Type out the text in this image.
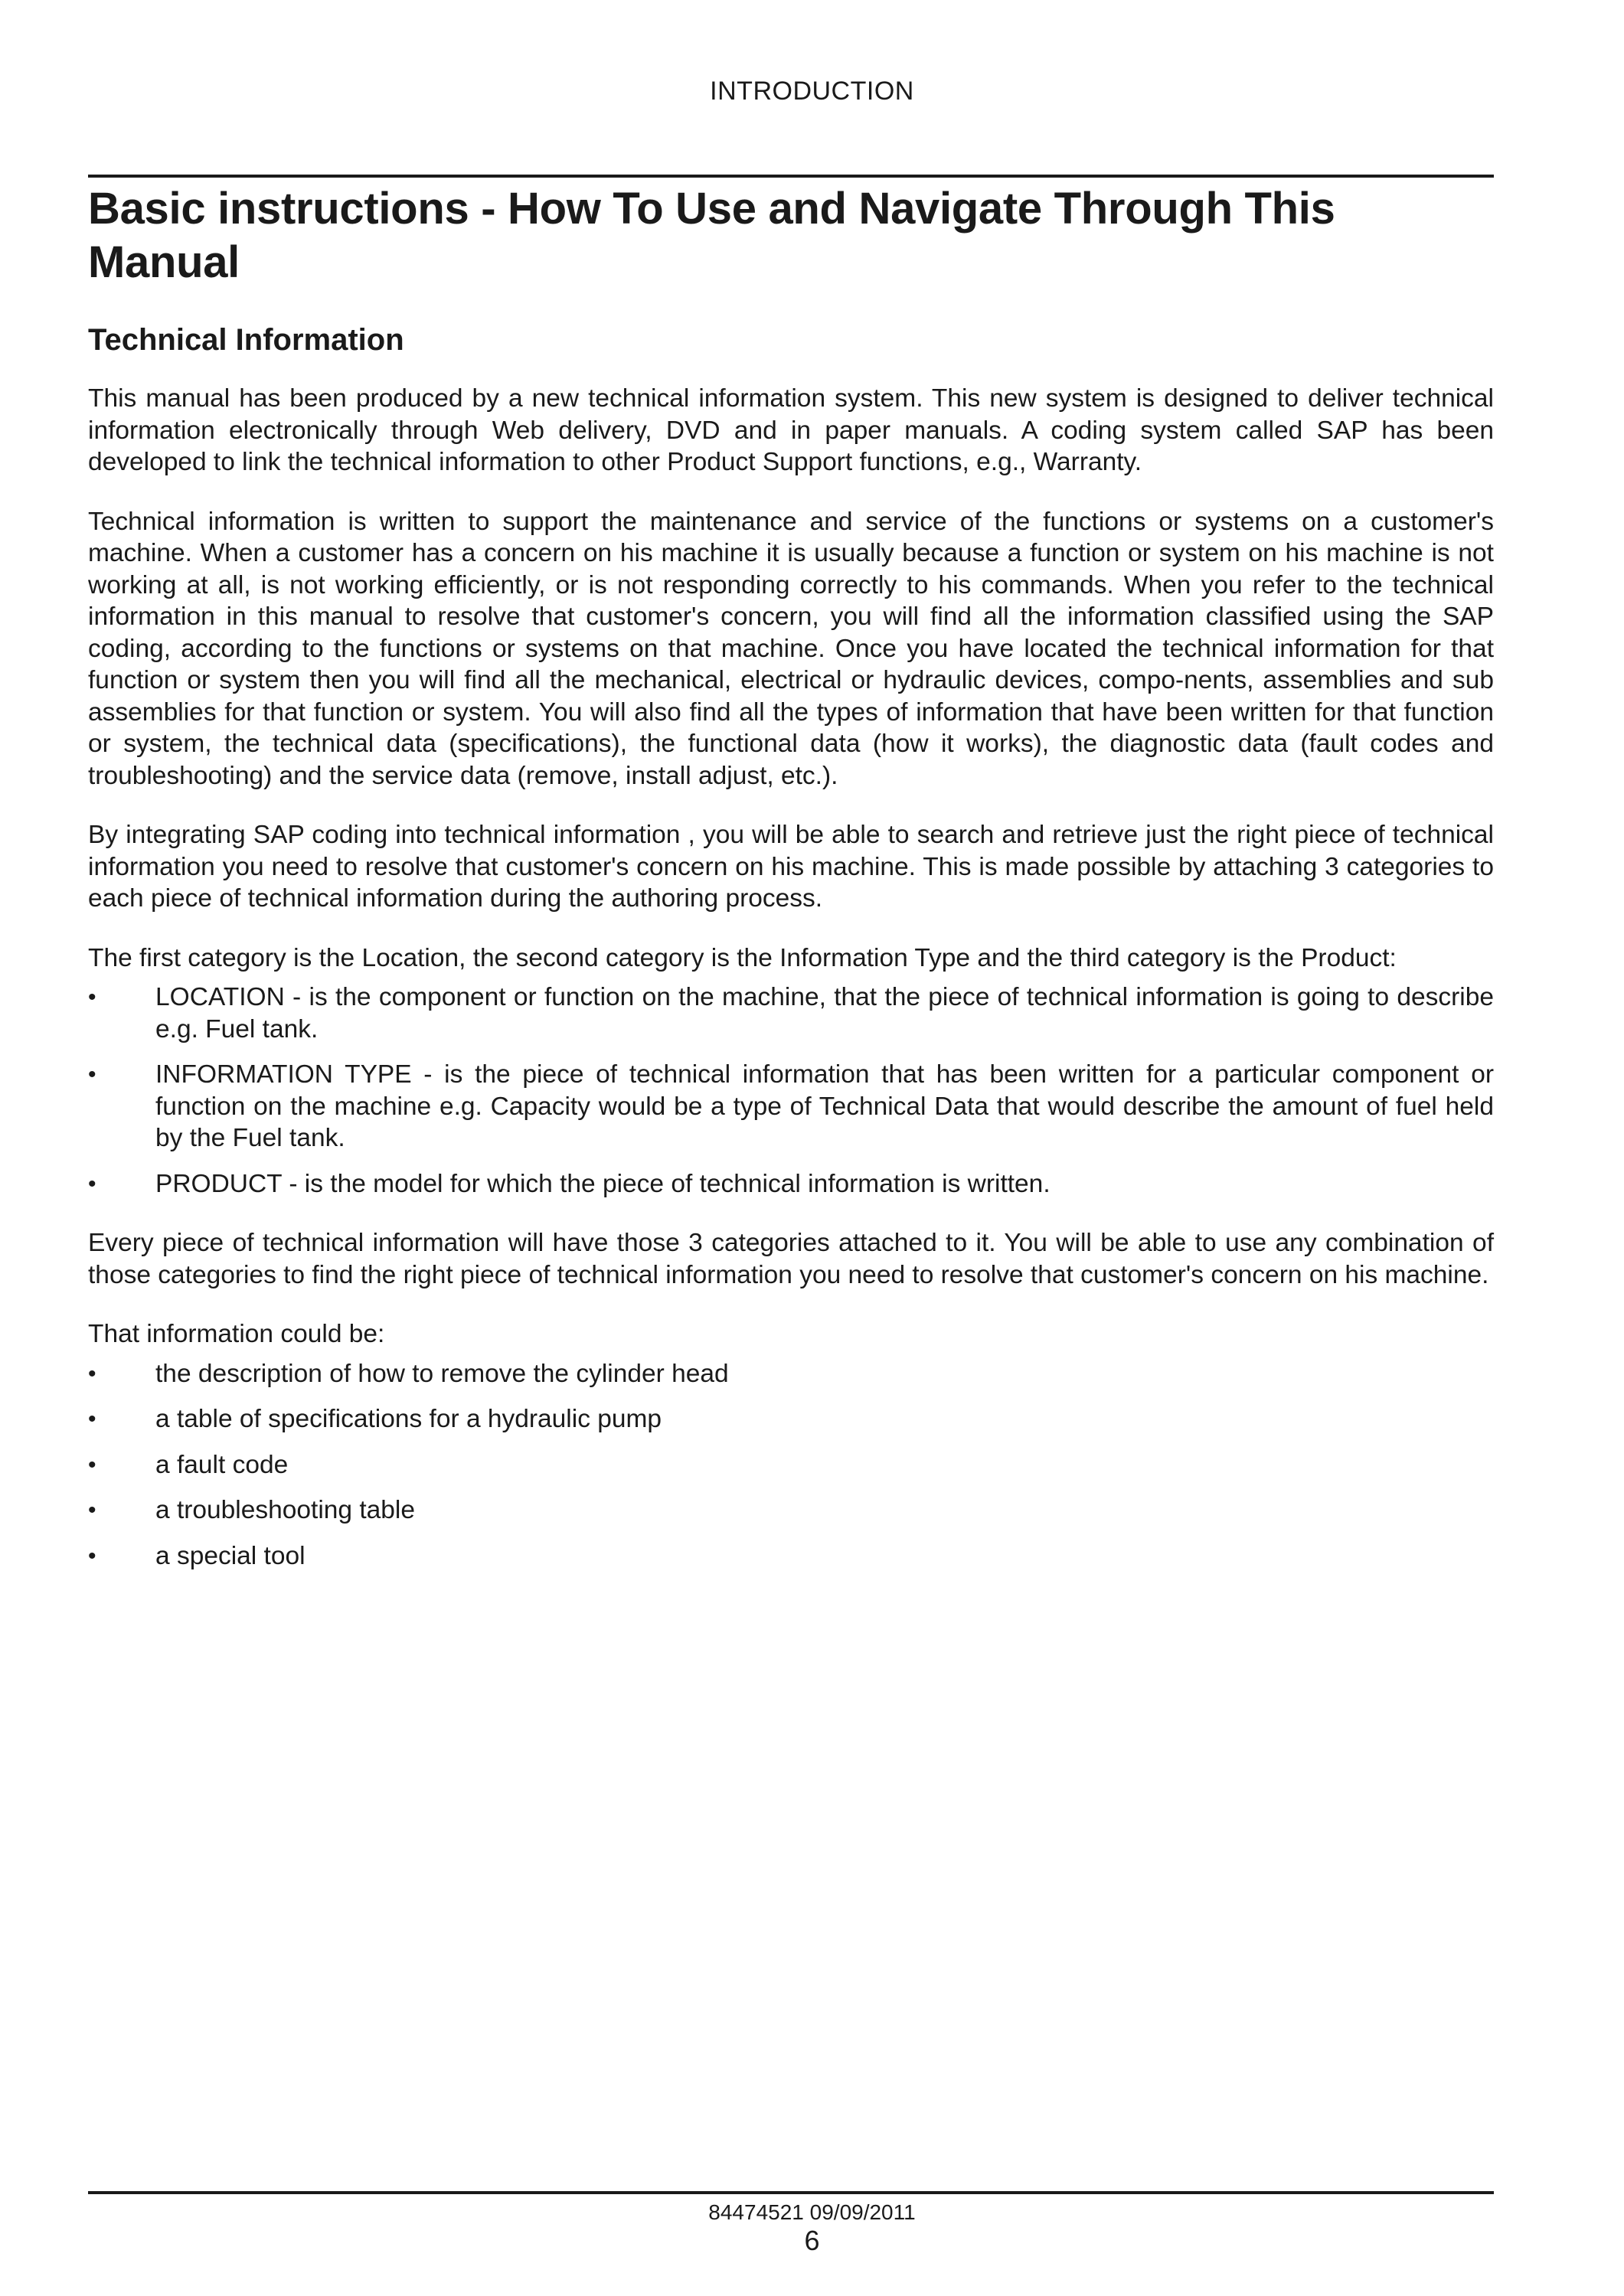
INTRODUCTION
Basic instructions - How To Use and Navigate Through This Manual
Technical Information

This manual has been produced by a new technical information system. This new system is designed to deliver technical information electronically through Web delivery, DVD and in paper manuals. A coding system called SAP has been developed to link the technical information to other Product Support functions, e.g., Warranty.

Technical information is written to support the maintenance and service of the functions or systems on a customer's machine. When a customer has a concern on his machine it is usually because a function or system on his machine is not working at all, is not working efficiently, or is not responding correctly to his commands. When you refer to the technical information in this manual to resolve that customer's concern, you will find all the information classified using the SAP coding, according to the functions or systems on that machine. Once you have located the technical information for that function or system then you will find all the mechanical, electrical or hydraulic devices, compo-nents, assemblies and sub assemblies for that function or system. You will also find all the types of information that have been written for that function or system, the technical data (specifications), the functional data (how it works), the diagnostic data (fault codes and troubleshooting) and the service data (remove, install adjust, etc.).

By integrating SAP coding into technical information , you will be able to search and retrieve just the right piece of technical information you need to resolve that customer's concern on his machine. This is made possible by attaching 3 categories to each piece of technical information during the authoring process.

The first category is the Location, the second category is the Information Type and the third category is the Product:

• LOCATION - is the component or function on the machine, that the piece of technical information is going to describe e.g. Fuel tank.
• INFORMATION TYPE - is the piece of technical information that has been written for a particular component or function on the machine e.g. Capacity would be a type of Technical Data that would describe the amount of fuel held by the Fuel tank.
• PRODUCT - is the model for which the piece of technical information is written.

Every piece of technical information will have those 3 categories attached to it. You will be able to use any combination of those categories to find the right piece of technical information you need to resolve that customer's concern on his machine.

That information could be:

• the description of how to remove the cylinder head
• a table of specifications for a hydraulic pump
• a fault code
• a troubleshooting table
• a special tool
84474521 09/09/2011
6
